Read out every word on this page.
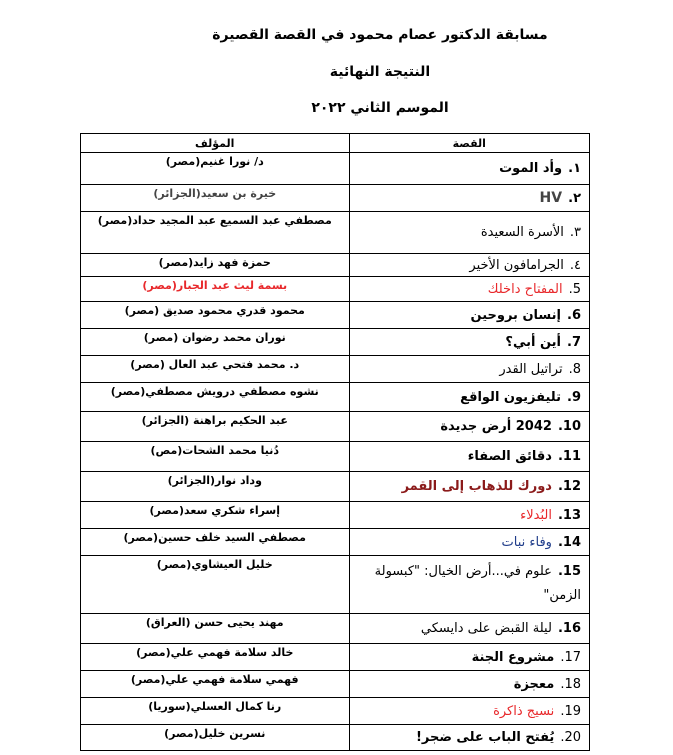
مسابقة الدكتور عصام محمود في القصة القصيرة
النتيجة النهائية
الموسم الثاني ٢٠٢٢
القصة	المؤلف
١.وأد الموت	د/ نورا غنيم(مصر)
٢.HV	خيرة بن سعيد(الجزائر)
٣.الأسرة السعيدة	مصطفي عبد السميع عبد المجيد حداد(مصر)
٤.الجرامافون الأخير	حمزة فهد زايد(مصر)
5.المفتاح داخلك	بسمة ليث عبد الجبار(مصر)
6.إنسان بروحين	محمود قدري محمود صديق (مصر)
7.أين أبي؟	نوران محمد رضوان (مصر)
8.تراتيل القدر	د. محمد فتحي عبد العال (مصر)
9.تليفزيون الواقع	نشوه مصطفي درويش مصطفي(مصر)
10.2042 أرض جديدة	عبد الحكيم براهنة (الجزائر)
11.دقائق الصفاء	دُنيا محمد الشحات(مص)
12.دورك للذهاب إلى القمر	وداد نوار(الجزائر)
13.البُدلاء	إسراء شكري سعد(مصر)
14.وفاء نبات	مصطفي السيد خلف حسين(مصر)
15.علوم في...أرض الخيال: "كبسولة الزمن"	خليل العيشاوي(مصر)
16.ليلة القبض على دايسكي	مهند يحيى حسن (العراق)
17.مشروع الجنة	خالد سلامة فهمي علي(مصر)
18.معجزة	فهمي سلامة فهمي علي(مصر)
19.نسيج ذاكرة	رنا كمال العسلي(سوريا)
20.يُفتح الباب على ضجر!	نسرين خليل(مصر)
